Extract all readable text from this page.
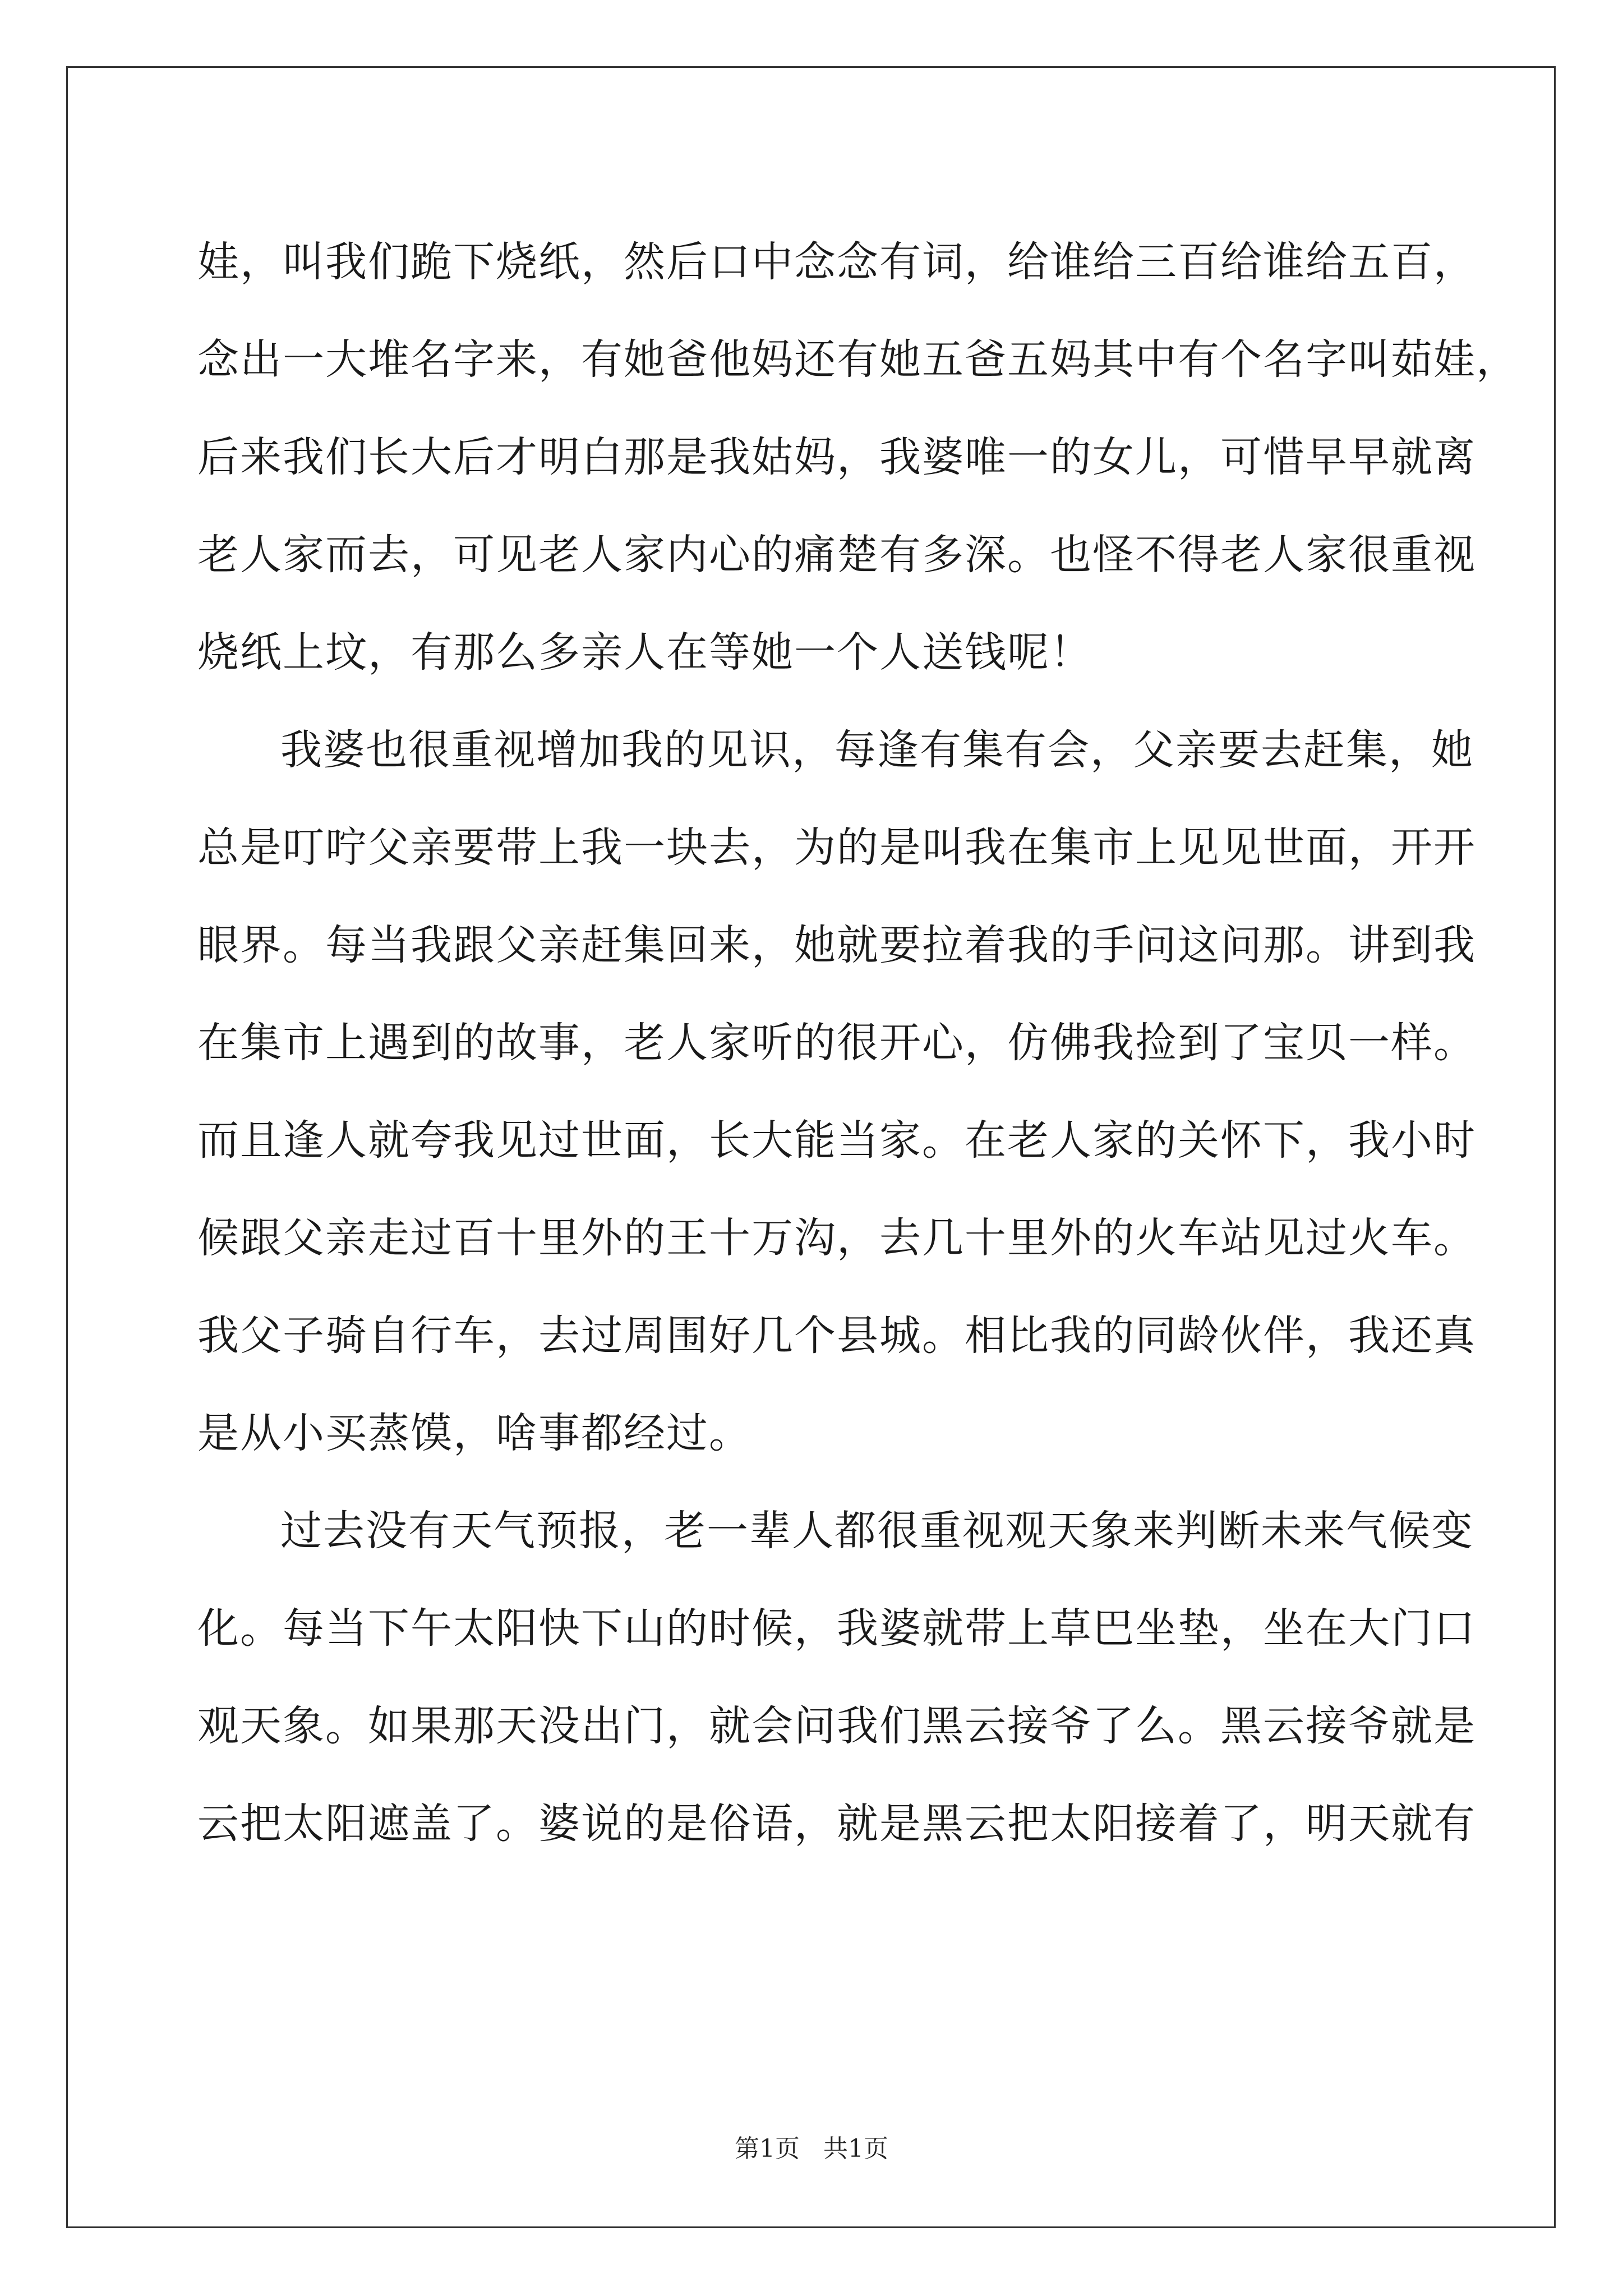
娃，叫我们跪下烧纸，然后口中念念有词，给谁给三百给谁给五百，
念出一大堆名字来，有她爸他妈还有她五爸五妈其中有个名字叫茹娃，
后来我们长大后才明白那是我姑妈，我婆唯一的女儿，可惜早早就离
老人家而去，可见老人家内心的痛楚有多深。也怪不得老人家很重视
烧纸上坟，有那么多亲人在等她一个人送钱呢！
我婆也很重视增加我的见识，每逢有集有会，父亲要去赶集，她
总是叮咛父亲要带上我一块去，为的是叫我在集市上见见世面，开开
眼界。每当我跟父亲赶集回来，她就要拉着我的手问这问那。讲到我
在集市上遇到的故事，老人家听的很开心，仿佛我捡到了宝贝一样。
而且逢人就夸我见过世面，长大能当家。在老人家的关怀下，我小时
候跟父亲走过百十里外的王十万沟，去几十里外的火车站见过火车。
我父子骑自行车，去过周围好几个县城。相比我的同龄伙伴，我还真
是从小买蒸馍，啥事都经过。
过去没有天气预报，老一辈人都很重视观天象来判断未来气候变
化。每当下午太阳快下山的时候，我婆就带上草巴坐垫，坐在大门口
观天象。如果那天没出门，就会问我们黑云接爷了么。黑云接爷就是
云把太阳遮盖了。婆说的是俗语，就是黑云把太阳接着了，明天就有
第1页   共1页
